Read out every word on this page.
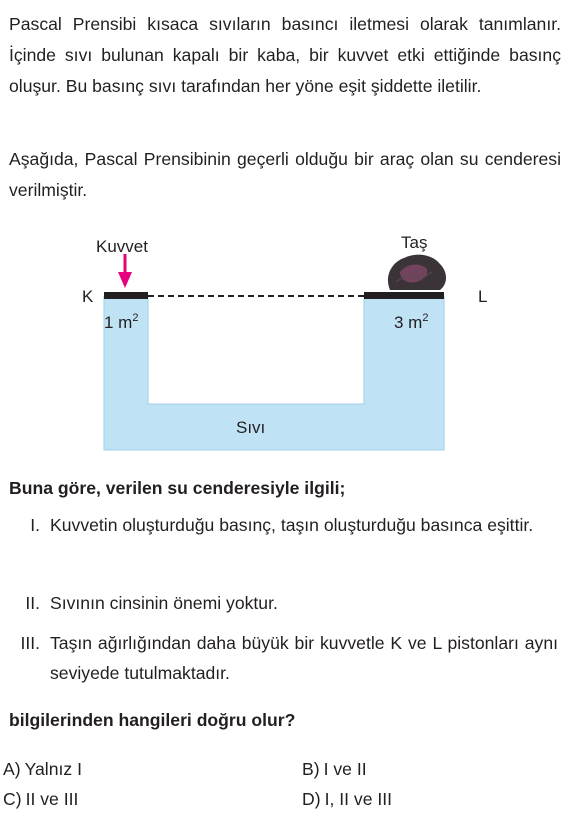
Pascal Prensibi kısaca sıvıların basıncı iletmesi olarak tanımlanır. İçinde sıvı bulunan kapalı bir kaba, bir kuvvet etki ettiğinde basınç oluşur. Bu basınç sıvı tarafından her yöne eşit şiddette iletilir.

Aşağıda, Pascal Prensibinin geçerli olduğu bir araç olan su cenderesi verilmiştir.

Kuvvet	Taş
K	L
1 $m^2$	3 $m^2$
Sıvı

Buna göre, verilen su cenderesiyle ilgili;

I. Kuvvetin oluşturduğu basınç, taşın oluşturduğu basınca eşittir.
II. Sıvının cinsinin önemi yoktur.
III. Taşın ağırlığından daha büyük bir kuvvetle K ve L pistonları aynı seviyede tutulmaktadır.

bilgilerinden hangileri doğru olur?

A) Yalnız I	B) I ve II
C) II ve III	D) I, II ve III
